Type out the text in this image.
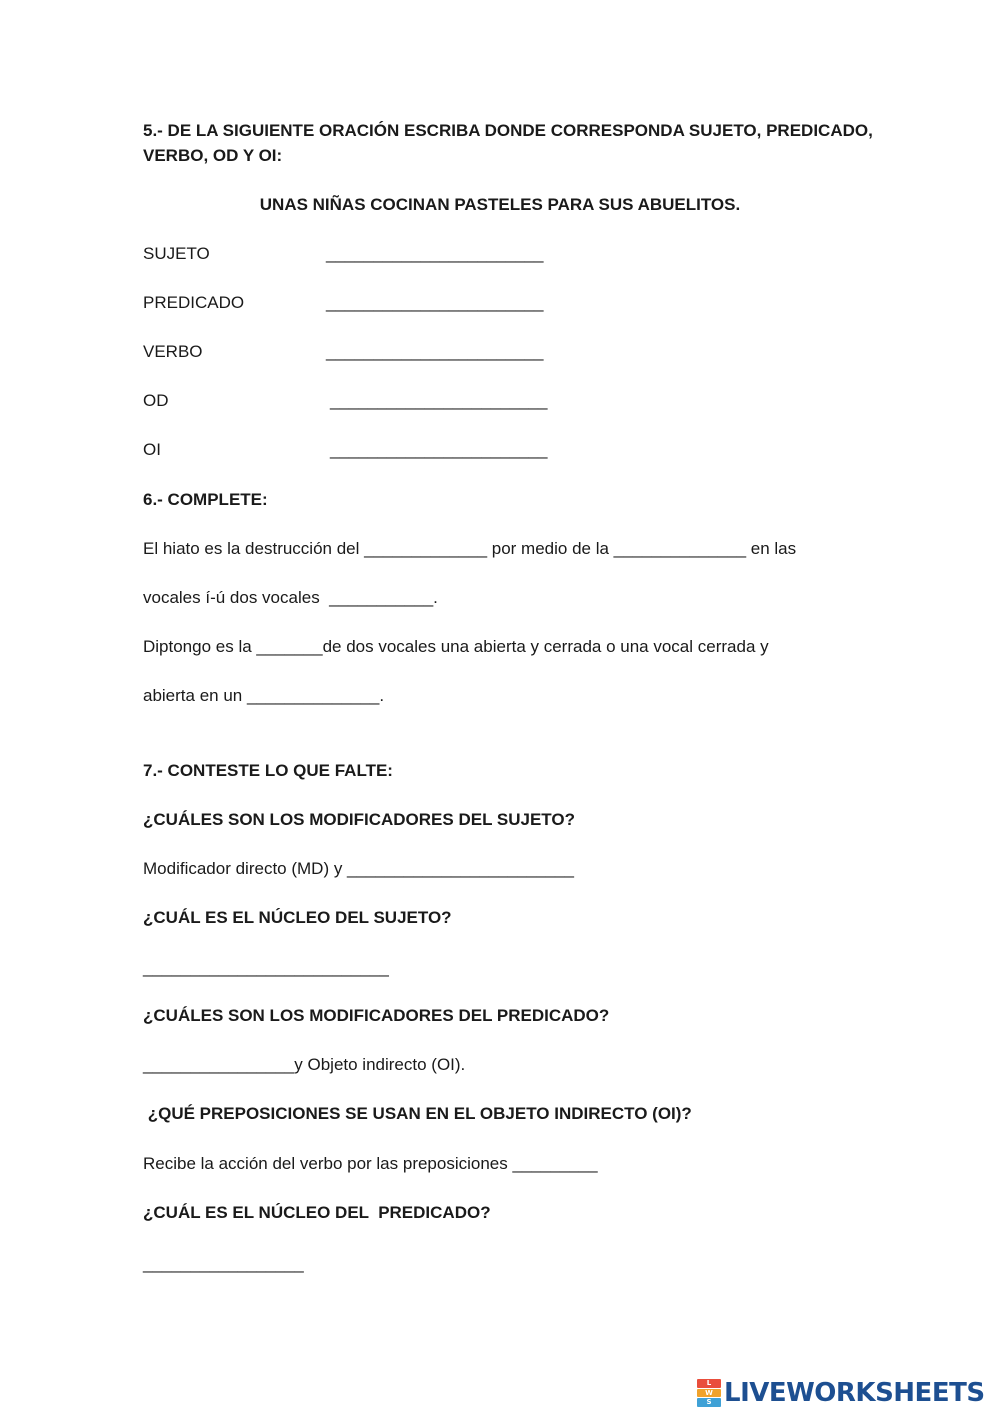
5.- DE LA SIGUIENTE ORACIÓN ESCRIBA DONDE CORRESPONDA SUJETO, PREDICADO,
VERBO, OD Y OI:
UNAS NIÑAS COCINAN PASTELES PARA SUS ABUELITOS.
SUJETO	_______________________
PREDICADO	_______________________
VERBO	_______________________
OD	_______________________
OI	_______________________
6.- COMPLETE:
El hiato es la destrucción del _____________ por medio de la ______________ en las
vocales í-ú dos vocales  ___________.
Diptongo es la _______de dos vocales una abierta y cerrada o una vocal cerrada y
abierta en un ______________.
7.- CONTESTE LO QUE FALTE:
¿CUÁLES SON LOS MODIFICADORES DEL SUJETO?
Modificador directo (MD) y ________________________
¿CUÁL ES EL NÚCLEO DEL SUJETO?
__________________________
¿CUÁLES SON LOS MODIFICADORES DEL PREDICADO?
________________y Objeto indirecto (OI).
¿QUÉ PREPOSICIONES SE USAN EN EL OBJETO INDIRECTO (OI)?
Recibe la acción del verbo por las preposiciones _________
¿CUÁL ES EL NÚCLEO DEL  PREDICADO?
_________________
L
W
S LIVEWORKSHEETS
